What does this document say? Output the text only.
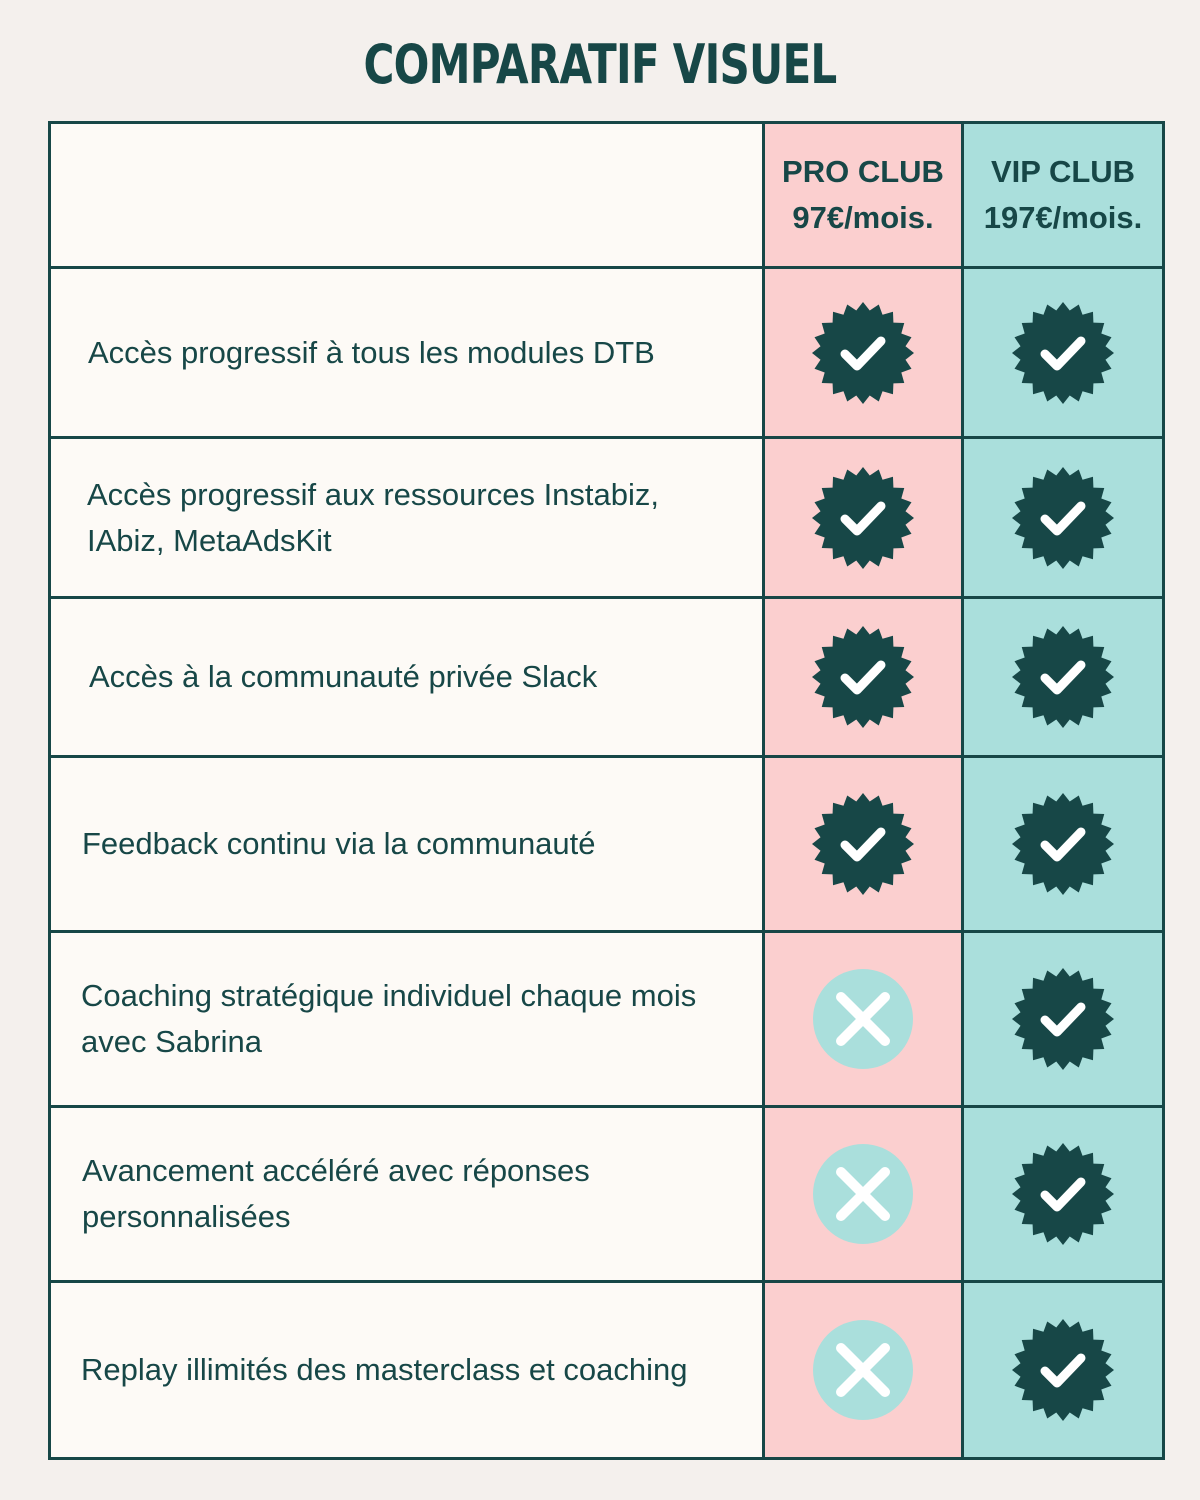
COMPARATIF VISUEL
PRO CLUB
97€/mois.
VIP CLUB
197€/mois.
Accès progressif à tous les modules DTB
Accès progressif aux ressources Instabiz,
IAbiz, MetaAdsKit
Accès à la communauté privée Slack
Feedback continu via la communauté
Coaching stratégique individuel chaque mois
avec Sabrina
Avancement accéléré avec réponses
personnalisées
Replay illimités des masterclass et coaching
